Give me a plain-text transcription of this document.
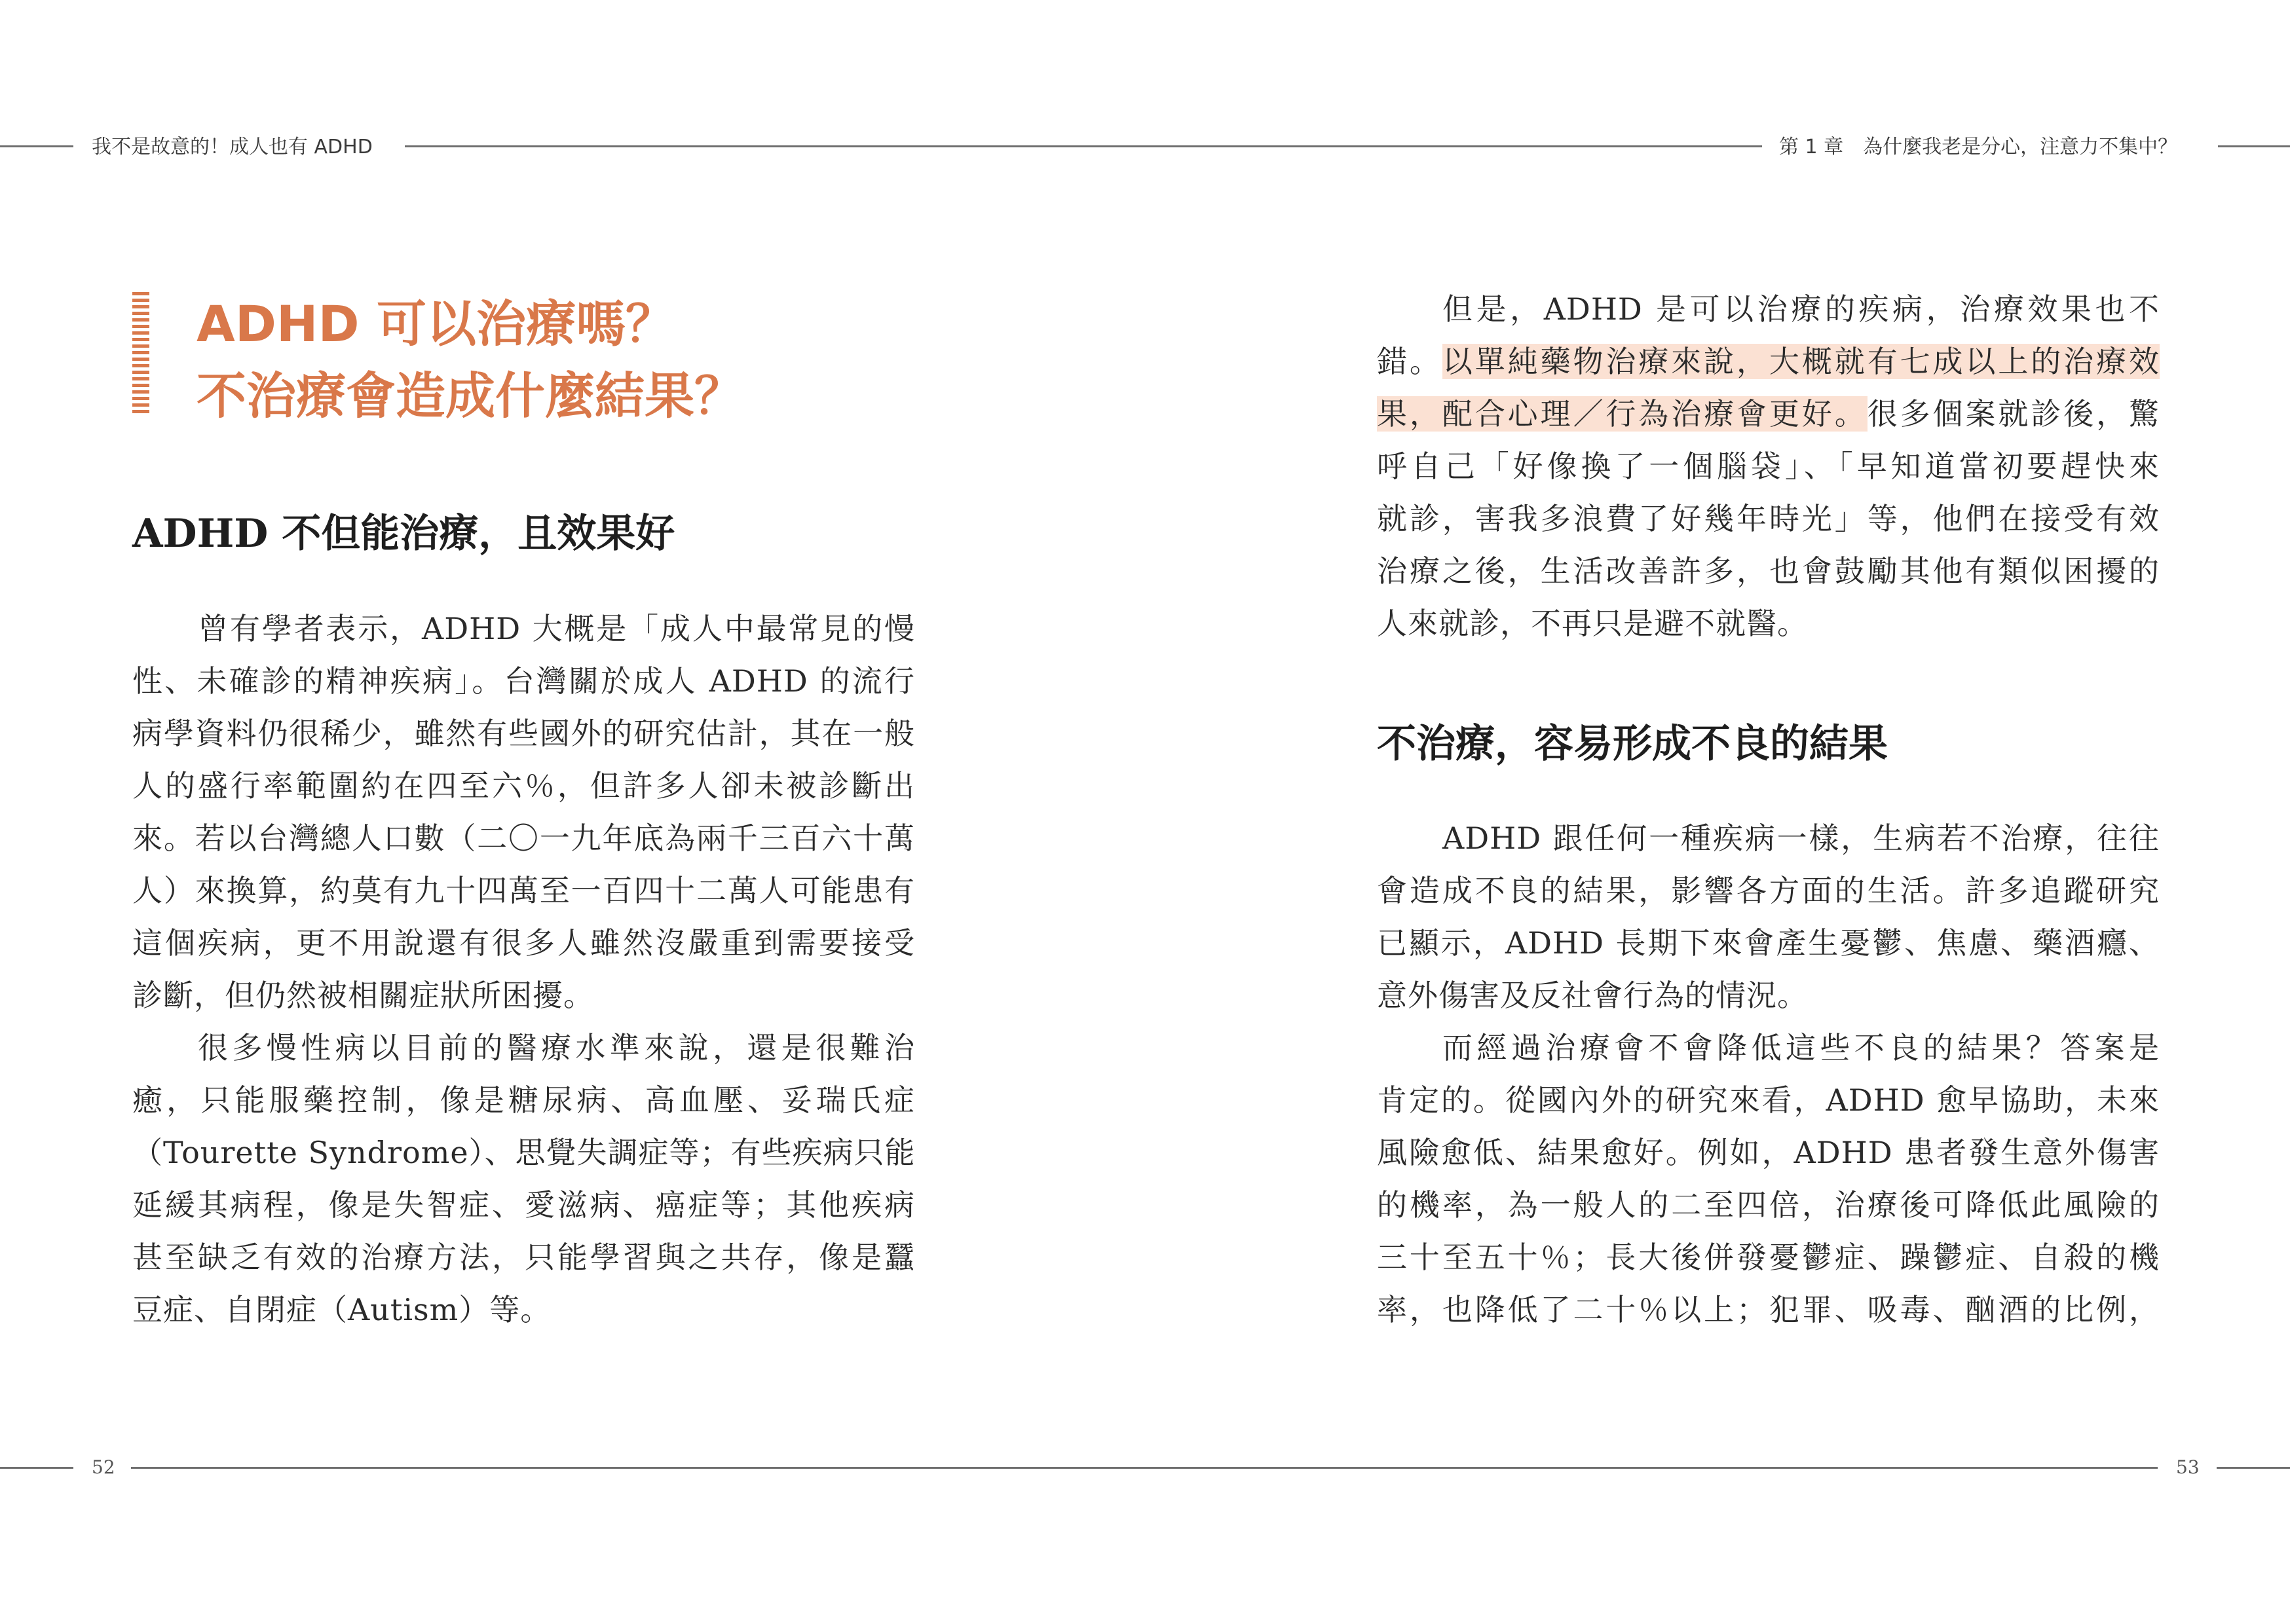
我不是故意的！成人也有 ADHD	第 1 章　為什麼我老是分心，注意力不集中？
ADHD 可以治療嗎？
不治療會造成什麼結果？
ADHD 不但能治療，且效果好
曾有學者表示，ADHD 大概是「成人中最常見的慢
性、未確診的精神疾病」。台灣關於成人 ADHD 的流行
病學資料仍很稀少，雖然有些國外的研究估計，其在一般
人的盛行率範圍約在四至六％，但許多人卻未被診斷出
來。若以台灣總人口數（二〇一九年底為兩千三百六十萬
人）來換算，約莫有九十四萬至一百四十二萬人可能患有
這個疾病，更不用說還有很多人雖然沒嚴重到需要接受
診斷，但仍然被相關症狀所困擾。
很多慢性病以目前的醫療水準來說，還是很難治
癒，只能服藥控制，像是糖尿病、高血壓、妥瑞氏症
（Tourette Syndrome）、思覺失調症等；有些疾病只能
延緩其病程，像是失智症、愛滋病、癌症等；其他疾病
甚至缺乏有效的治療方法，只能學習與之共存，像是蠶
豆症、自閉症（Autism）等。
但是，ADHD 是可以治療的疾病，治療效果也不
錯。以單純藥物治療來說，大概就有七成以上的治療效
果，配合心理／行為治療會更好。很多個案就診後，驚
呼自己「好像換了一個腦袋」、「早知道當初要趕快來
就診，害我多浪費了好幾年時光」等，他們在接受有效
治療之後，生活改善許多，也會鼓勵其他有類似困擾的
人來就診，不再只是避不就醫。
不治療，容易形成不良的結果
ADHD 跟任何一種疾病一樣，生病若不治療，往往
會造成不良的結果，影響各方面的生活。許多追蹤研究
已顯示，ADHD 長期下來會產生憂鬱、焦慮、藥酒癮、
意外傷害及反社會行為的情況。
而經過治療會不會降低這些不良的結果？答案是
肯定的。從國內外的研究來看，ADHD 愈早協助，未來
風險愈低、結果愈好。例如，ADHD 患者發生意外傷害
的機率，為一般人的二至四倍，治療後可降低此風險的
三十至五十％；長大後併發憂鬱症、躁鬱症、自殺的機
率，也降低了二十％以上；犯罪、吸毒、酗酒的比例，
52	53
